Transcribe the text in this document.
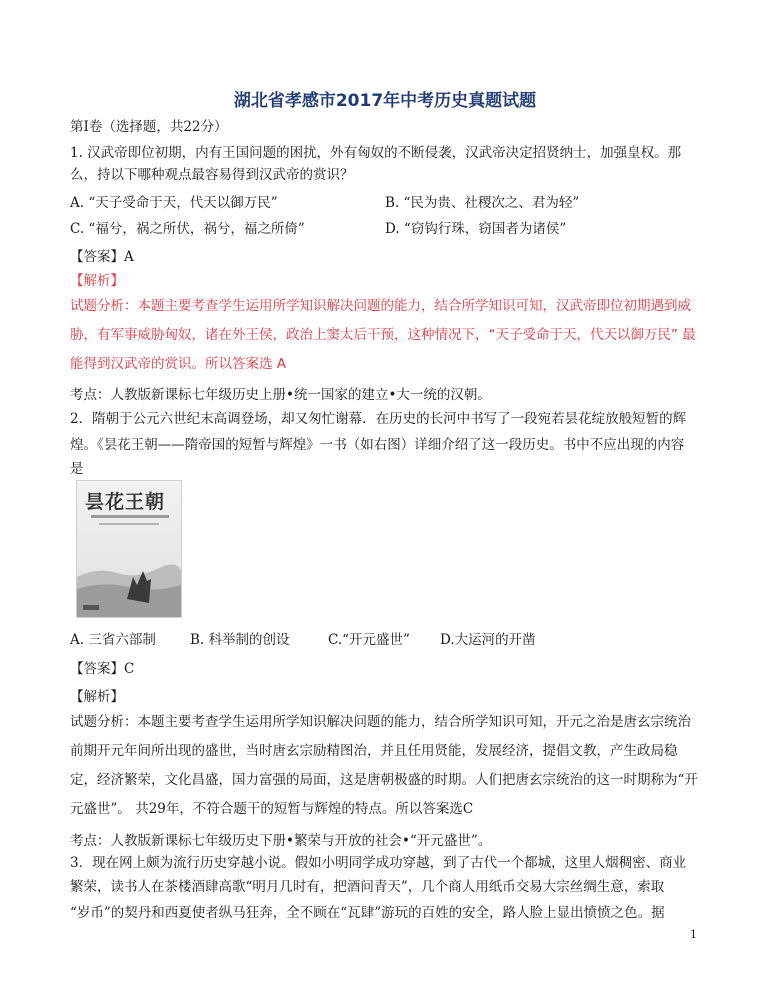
湖北省孝感市2017年中考历史真题试题
第Ⅰ卷（选择题，共22分）
1. 汉武帝即位初期，内有王国问题的困扰，外有匈奴的不断侵袭，汉武帝决定招贤纳士，加强皇权。那
么，持以下哪种观点最容易得到汉武帝的赏识？
A. “天子受命于天，代天以御万民”	B. “民为贵、社稷次之、君为轻”
C. “福兮，祸之所伏，祸兮，福之所倚”	D. “窃钩行珠，窃国者为诸侯”
【答案】A
【解析】
试题分析：本题主要考查学生运用所学知识解决问题的能力，结合所学知识可知，汉武帝即位初期遇到威胁，有军事威胁匈奴，诸在外王侯，政治上窦太后干预，这种情况下，“天子受命于天，代天以御万民” 最能得到汉武帝的赏识。所以答案选 A
考点：人教版新课标七年级历史上册•统一国家的建立•大一统的汉朝。
2．隋朝于公元六世纪末高调登场，却又匆忙谢幕．在历史的长河中书写了一段宛若昙花绽放般短暂的辉
煌。《昙花王朝——隋帝国的短暂与辉煌》一书（如右图）详细介绍了这一段历史。书中不应出现的内容
是
昙花王朝
A. 三省六部制	B. 科举制的创设	C.“开元盛世” D.大运河的开凿
【答案】C
【解析】
试题分析：本题主要考查学生运用所学知识解决问题的能力，结合所学知识可知，开元之治是唐玄宗统治前期开元年间所出现的盛世，当时唐玄宗励精图治，并且任用贤能，发展经济，提倡文教，产生政局稳定，经济繁荣，文化昌盛，国力富强的局面，这是唐朝极盛的时期。人们把唐玄宗统治的这一时期称为“开元盛世”。 共29年，不符合题干的短暂与辉煌的特点。所以答案选C
考点：人教版新课标七年级历史下册•繁荣与开放的社会•“开元盛世”。
3．现在网上颇为流行历史穿越小说。假如小明同学成功穿越，到了古代一个都城，这里人烟稠密、商业
繁荣，读书人在茶楼酒肆高歌“明月几时有，把酒问青天”，几个商人用纸币交易大宗丝绸生意，索取
“岁币”的契丹和西夏使者纵马狂奔，全不顾在“瓦肆”游玩的百姓的安全，路人脸上显出愤愤之色。据
1
